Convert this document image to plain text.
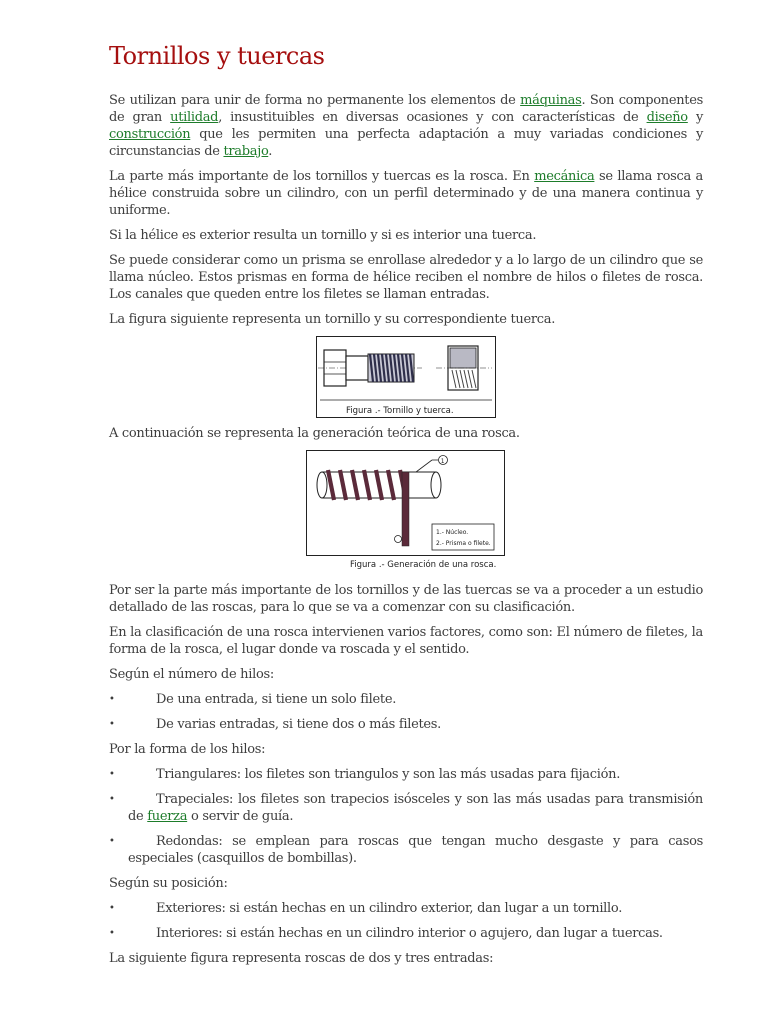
Tornillos y tuercas

Se utilizan para unir de forma no permanente los elementos de máquinas. Son componentes de gran utilidad, insustituibles en diversas ocasiones y con características de diseño y construcción que les permiten una perfecta adaptación a muy variadas condiciones y circunstancias de trabajo.

La parte más importante de los tornillos y tuercas es la rosca. En mecánica se llama rosca a hélice construida sobre un cilindro, con un perfil determinado y de una manera continua y uniforme.

Si la hélice es exterior resulta un tornillo y si es interior una tuerca.

Se puede considerar como un prisma se enrollase alrededor y a lo largo de un cilindro que se llama núcleo. Estos prismas en forma de hélice reciben el nombre de hilos o filetes de rosca. Los canales que queden entre los filetes se llaman entradas.

La figura siguiente representa un tornillo y su correspondiente tuerca.

Figura .- Tornillo y tuerca.

A continuación se representa la generación teórica de una rosca.

1
1.- Núcleo.
2.- Prisma o filete.
Figura .- Generación de una rosca.

Por ser la parte más importante de los tornillos y de las tuercas se va a proceder a un estudio detallado de las roscas, para lo que se va a comenzar con su clasificación.

En la clasificación de una rosca intervienen varios factores, como son: El número de filetes, la forma de la rosca, el lugar donde va roscada y el sentido.

Según el número de hilos:

•	De una entrada, si tiene un solo filete.
•	De varias entradas, si tiene dos o más filetes.

Por la forma de los hilos:

•	Triangulares: los filetes son triangulos y son las más usadas para fijación.
•	Trapeciales: los filetes son trapecios isósceles y son las más usadas para transmisión de fuerza o servir de guía.
•	Redondas: se emplean para roscas que tengan mucho desgaste y para casos especiales (casquillos de bombillas).

Según su posición:

•	Exteriores: si están hechas en un cilindro exterior, dan lugar a un tornillo.
•	Interiores: si están hechas en un cilindro interior o agujero, dan lugar a tuercas.

La siguiente figura representa roscas de dos y tres entradas:
